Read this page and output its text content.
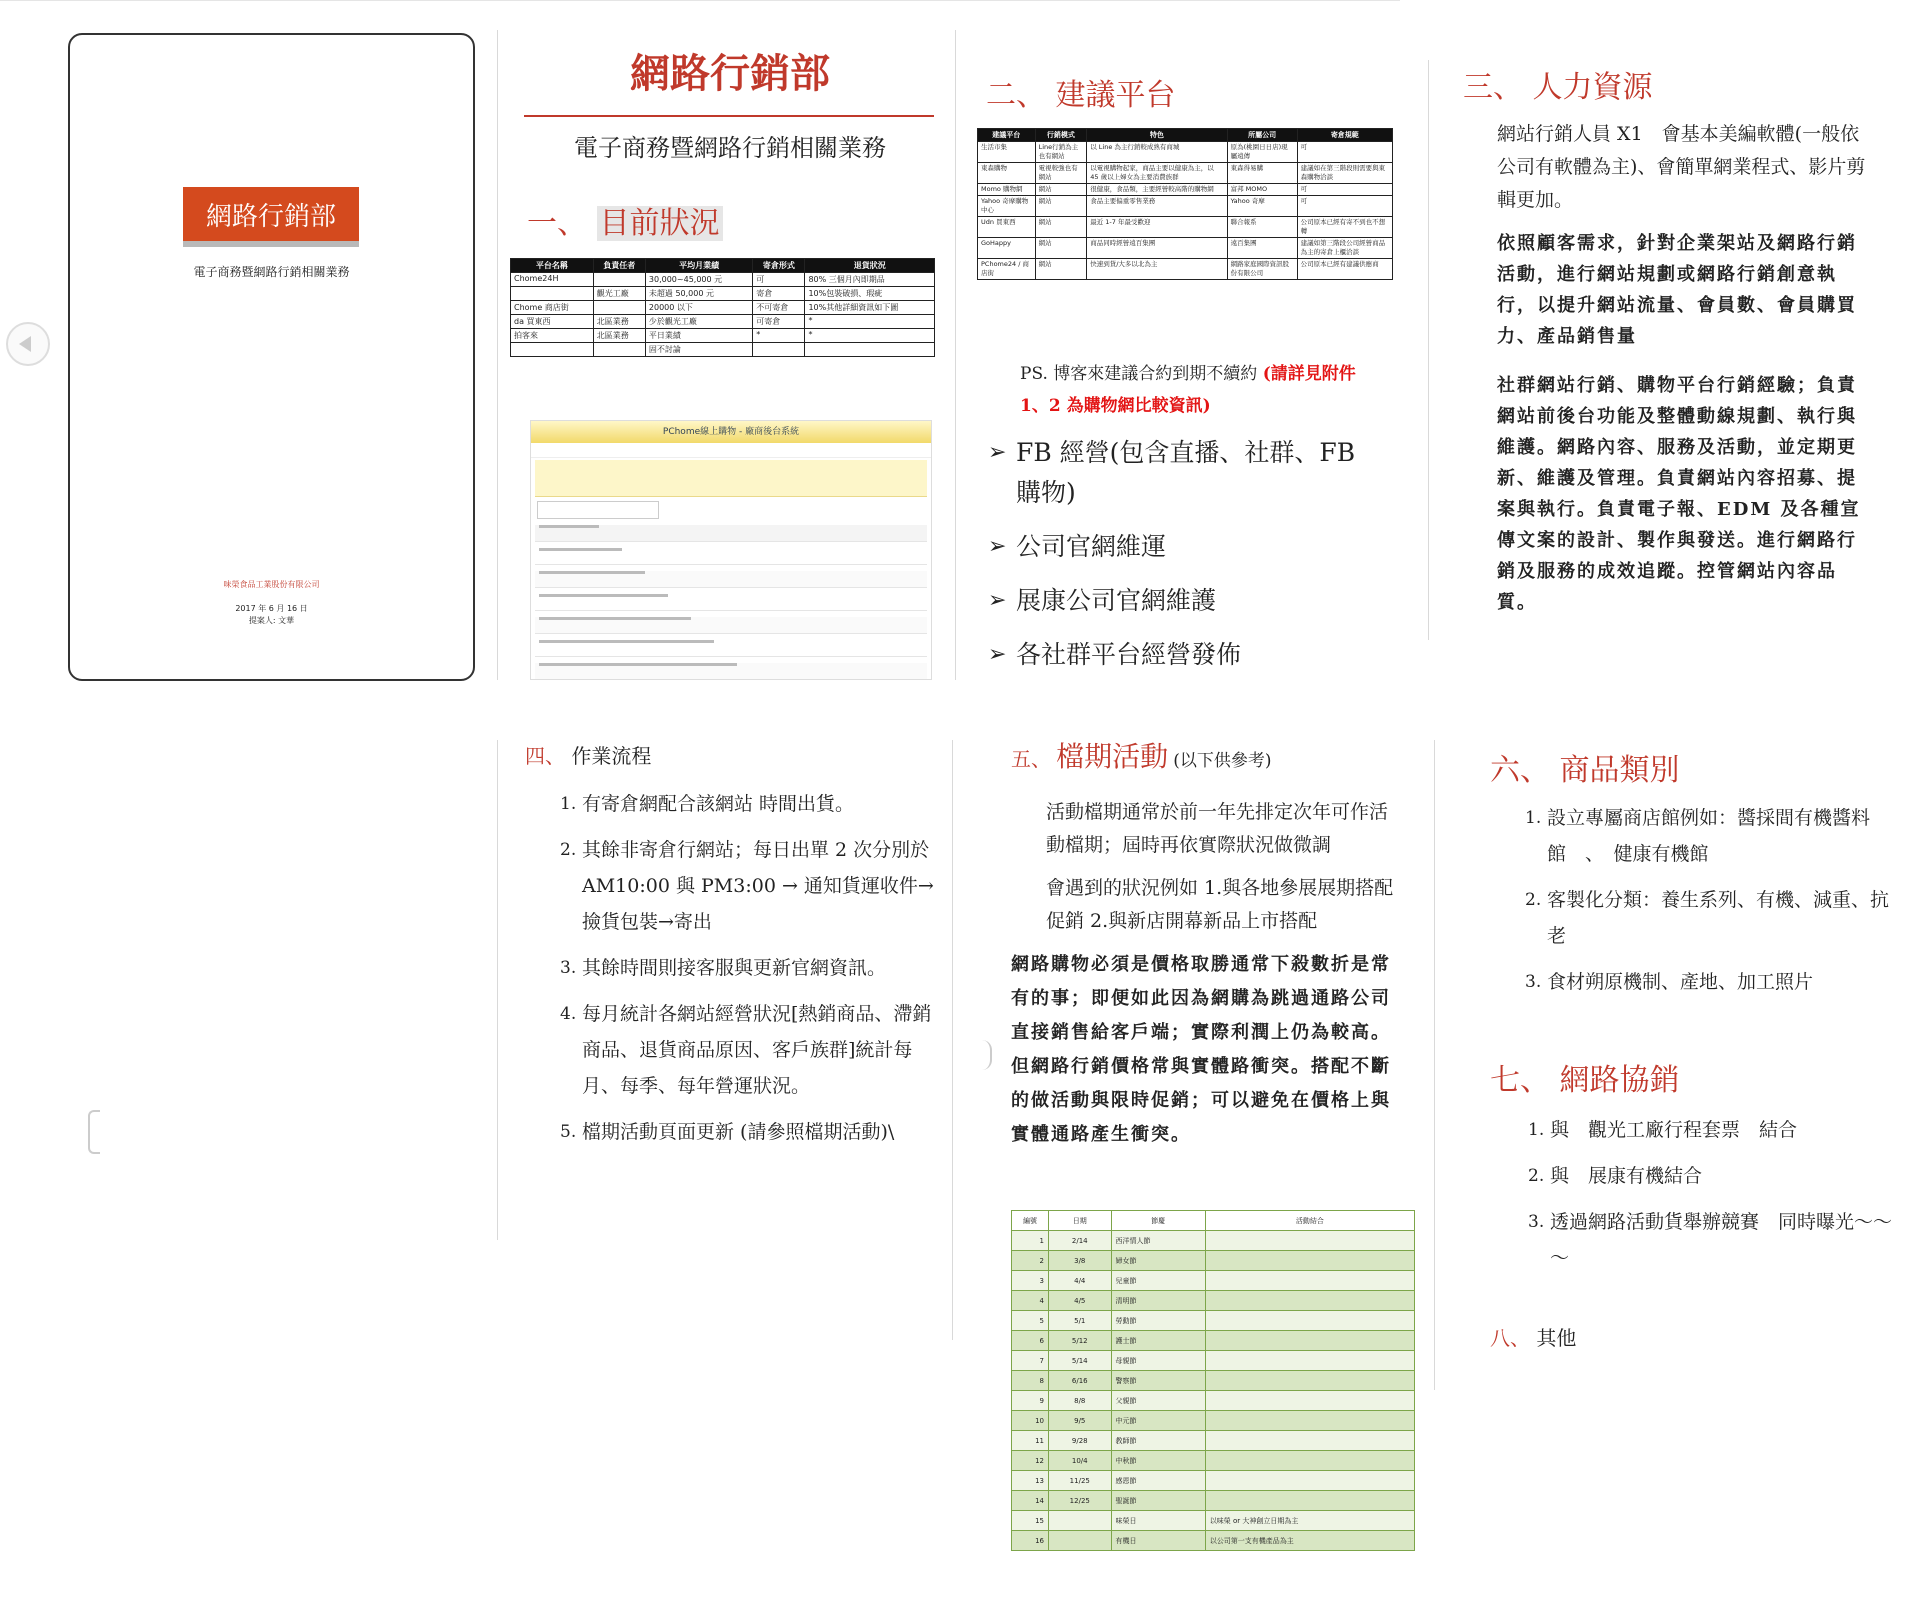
網路行銷部
電子商務暨網路行銷相關業務
味榮食品工業股份有限公司
2017 年 6 月 16 日
提案人: 文華
網路行銷部
電子商務暨網路行銷相關業務
一、 目前狀況
平台名稱	負責任者	平均月業績	寄倉形式	退貨狀況
Chome24H		30,000~45,000 元	可	80% 三個月內即期品
	觀光工廠	未超過 50,000 元	寄倉	10%包裝破損、瑕疵
Chome 商店街		20000 以下	不可寄倉	10%其他詳細資訊如下圖
da 買東西	北區業務	少於觀光工廠	可寄倉	*
拍客來	北區業務	平日業績	*	*
		固不討論		
PChome線上購物 - 廠商後台系統
二、 建議平台
建議平台	行銷模式	特色	所屬公司	寄倉規範
生活市集	Line行銷為主也有網站	以 Line 為主行銷較成熟有商城	原為(桃園日日店)現屬遠傳	可
東森購物	電視較強也有網站	以電視購物起家，商品主要以健康為主，以 45 歲以上婦女為主要消費族群	東森得易購	建議如在第三階段則需要與東森購物洽談
Momo 購物網	網站	很健康，食品類，主要經營較高階的購物網	富邦 MOMO	可
Yahoo 奇摩購物中心	網站	食品主要偏重零售業務	Yahoo 奇摩	可
Udn 買東西	網站	最近 1-7 年最受歡迎	聯合報系	公司原本已經有寄不到也不想轉
GoHappy	網站	商品同時經營遠百集團	遠百集團	建議如第三階段公司經營商品為主的寄倉上櫃洽談
PChome24 / 商店街	網站	快速到貨/大多以北為主	網路家庭國際資訊股份有限公司	公司原本已經有建議供應商
PS. 博客來建議合約到期不續約 (請詳見附件 1、2 為購物網比較資訊)
➢ FB 經營(包含直播、社群、FB 購物)
➢ 公司官網維運
➢ 展康公司官網維護
➢ 各社群平台經營發佈
三、 人力資源
網站行銷人員 X1　會基本美編軟體(一般依公司有軟體為主)、會簡單網業程式、影片剪輯更加。
依照顧客需求，針對企業架站及網路行銷活動，進行網站規劃或網路行銷創意執行，以提升網站流量、會員數、會員購買力、產品銷售量
社群網站行銷、購物平台行銷經驗；負責網站前後台功能及整體動線規劃、執行與維護。網路內容、服務及活動，並定期更新、維護及管理。負責網站內容招募、提案與執行。負責電子報、EDM 及各種宣傳文案的設計、製作與發送。進行網路行銷及服務的成效追蹤。控管網站內容品質。
四、 作業流程
1. 有寄倉網配合該網站 時間出貨。
2. 其餘非寄倉行網站；每日出單 2 次分別於　AM10:00 與 PM3:00 → 通知貨運收件→撿貨包裝→寄出
3. 其餘時間則接客服與更新官網資訊。
4. 每月統計各網站經營狀況[熱銷商品、滯銷商品、退貨商品原因、客戶族群]統計每月、每季、每年營運狀況。
5. 檔期活動頁面更新 (請參照檔期活動)\
五、 檔期活動 (以下供參考)
活動檔期通常於前一年先排定次年可作活動檔期；屆時再依實際狀況做微調
會遇到的狀況例如 1.與各地參展展期搭配促銷 2.與新店開幕新品上市搭配
網路購物必須是價格取勝通常下殺數折是常有的事；即便如此因為網購為跳過通路公司直接銷售給客戶端；實際利潤上仍為較高。但網路行銷價格常與實體路衝突。搭配不斷的做活動與限時促銷；可以避免在價格上與實體通路產生衝突。
編號	日期	節慶	活動結合
1	2/14	西洋情人節	
2	3/8	婦女節	
3	4/4	兒童節	
4	4/5	清明節	
5	5/1	勞動節	
6	5/12	護士節	
7	5/14	母親節	
8	6/16	警察節	
9	8/8	父親節	
10	9/5	中元節	
11	9/28	教師節	
12	10/4	中秋節	
13	11/25	感恩節	
14	12/25	聖誕節	
15		味榮日	以味榮 or 大神創立日期為主
16		有機日	以公司第一支有機產品為主
六、 商品類別
1. 設立專屬商店館例如：醬採間有機醬料館　、　健康有機館
2. 客製化分類：養生系列、有機、減重、抗老
3. 食材朔原機制、產地、加工照片
七、 網路協銷
1. 與　觀光工廠行程套票　結合
2. 與　展康有機結合
3. 透過網路活動貨舉辦競賽　同時曝光～～～
八、 其他
